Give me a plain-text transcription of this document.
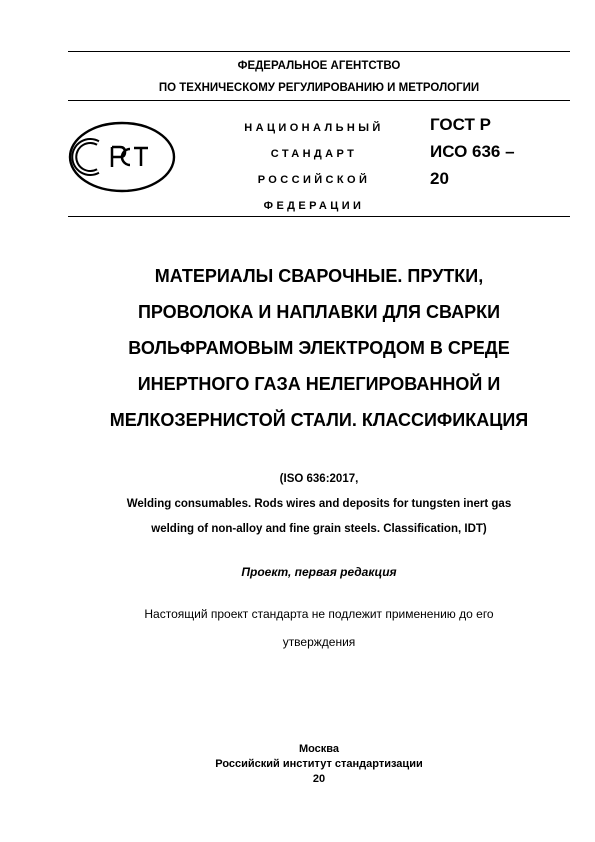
ФЕДЕРАЛЬНОЕ АГЕНТСТВО
ПО ТЕХНИЧЕСКОМУ РЕГУЛИРОВАНИЮ И МЕТРОЛОГИИ
НАЦИОНАЛЬНЫЙ
СТАНДАРТ
РОССИЙСКОЙ
ФЕДЕРАЦИИ
ГОСТ Р
ИСО 636 –
20
МАТЕРИАЛЫ СВАРОЧНЫЕ. ПРУТКИ,
ПРОВОЛОКА И НАПЛАВКИ ДЛЯ СВАРКИ
ВОЛЬФРАМОВЫМ ЭЛЕКТРОДОМ В СРЕДЕ
ИНЕРТНОГО ГАЗА НЕЛЕГИРОВАННОЙ И
МЕЛКОЗЕРНИСТОЙ СТАЛИ. КЛАССИФИКАЦИЯ
(ISO 636:2017,
Welding consumables. Rods wires and deposits for tungsten inert gas
welding of non-alloy and fine grain steels. Classification, IDT)
Проект, первая редакция
Настоящий проект стандарта не подлежит применению до его
утверждения
Москва
Российский институт стандартизации
20
